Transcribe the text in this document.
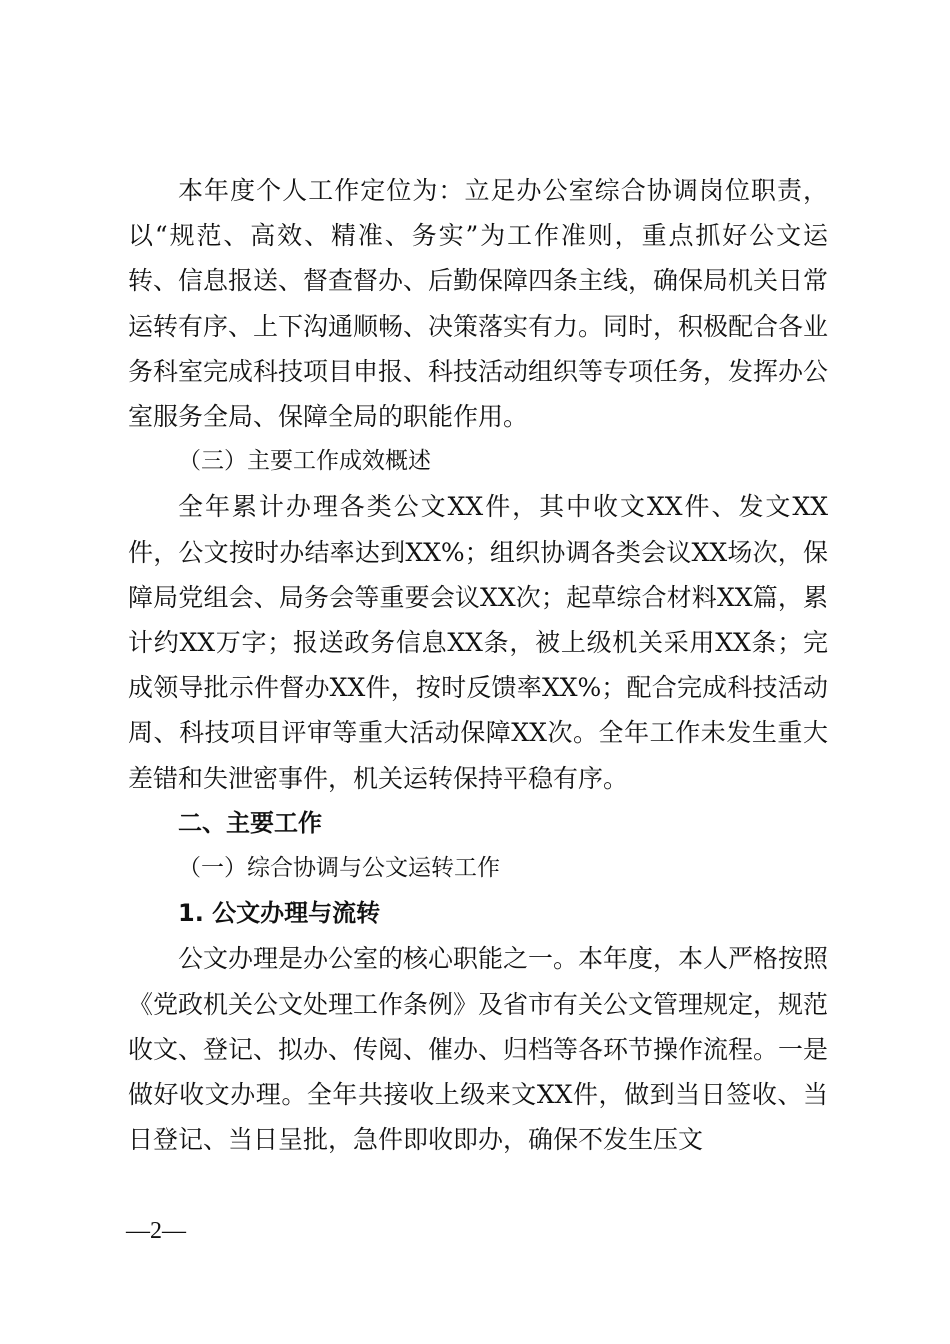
本年度个人工作定位为：立足办公室综合协调岗位职责，以“规范、高效、精准、务实”为工作准则，重点抓好公文运转、信息报送、督查督办、后勤保障四条主线，确保局机关日常运转有序、上下沟通顺畅、决策落实有力。同时，积极配合各业务科室完成科技项目申报、科技活动组织等专项任务，发挥办公室服务全局、保障全局的职能作用。

（三）主要工作成效概述

全年累计办理各类公文XX件，其中收文XX件、发文XX件，公文按时办结率达到XX%；组织协调各类会议XX场次，保障局党组会、局务会等重要会议XX次；起草综合材料XX篇，累计约XX万字；报送政务信息XX条，被上级机关采用XX条；完成领导批示件督办XX件，按时反馈率XX%；配合完成科技活动周、科技项目评审等重大活动保障XX次。全年工作未发生重大差错和失泄密事件，机关运转保持平稳有序。

二、主要工作

（一）综合协调与公文运转工作

1. 公文办理与流转

公文办理是办公室的核心职能之一。本年度，本人严格按照《党政机关公文处理工作条例》及省市有关公文管理规定，规范收文、登记、拟办、传阅、催办、归档等各环节操作流程。一是做好收文办理。全年共接收上级来文XX件，做到当日签收、当日登记、当日呈批，急件即收即办，确保不发生压文

—2—
